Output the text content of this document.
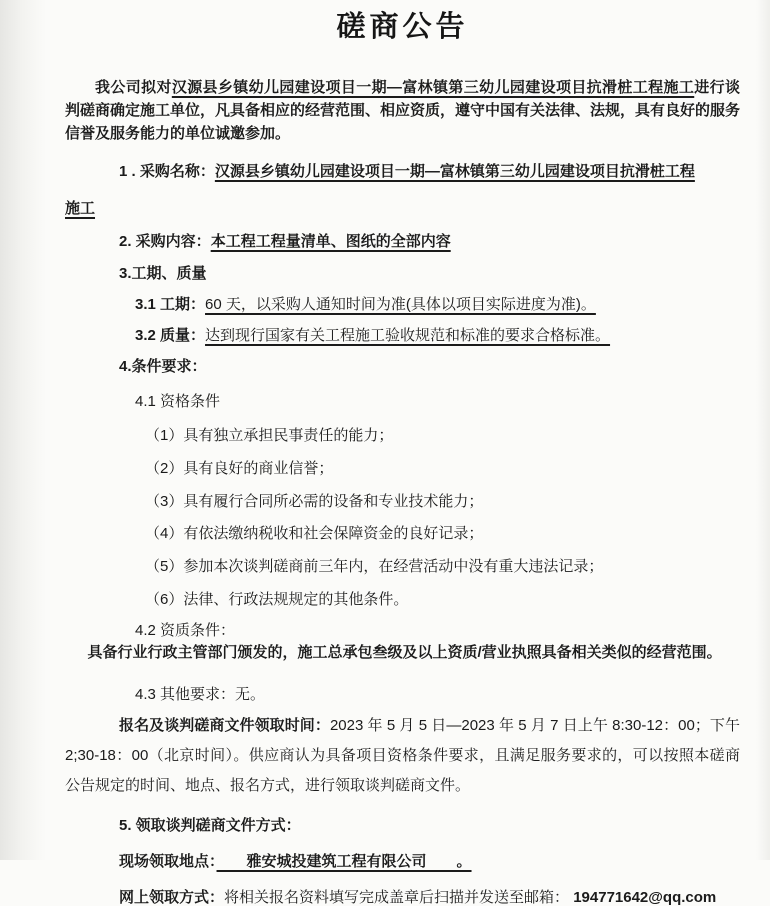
磋商公告

我公司拟对汉源县乡镇幼儿园建设项目一期—富林镇第三幼儿园建设项目抗滑桩工程施工进行谈判磋商确定施工单位，凡具备相应的经营范围、相应资质，遵守中国有关法律、法规，具有良好的服务信誉及服务能力的单位诚邀参加。

1 . 采购名称：汉源县乡镇幼儿园建设项目一期—富林镇第三幼儿园建设项目抗滑桩工程

施工

2. 采购内容：本工程工程量清单、图纸的全部内容

3.工期、质量

3.1 工期：60 天，以采购人通知时间为准(具体以项目实际进度为准)。

3.2 质量：达到现行国家有关工程施工验收规范和标准的要求合格标准。

4.条件要求：

4.1 资格条件

（1）具有独立承担民事责任的能力；

（2）具有良好的商业信誉；

（3）具有履行合同所必需的设备和专业技术能力；

（4）有依法缴纳税收和社会保障资金的良好记录；

（5）参加本次谈判磋商前三年内，在经营活动中没有重大违法记录；

（6）法律、行政法规规定的其他条件。

4.2 资质条件：

具备行业行政主管部门颁发的，施工总承包叁级及以上资质/营业执照具备相关类似的经营范围。

4.3 其他要求：无。

报名及谈判磋商文件领取时间：2023 年 5 月 5 日—2023 年 5 月 7 日上午 8:30-12：00；下午 2;30-18：00（北京时间）。供应商认为具备项目资格条件要求，且满足服务要求的，可以按照本磋商公告规定的时间、地点、报名方式，进行领取谈判磋商文件。

5. 领取谈判磋商文件方式：

现场领取地点：　　雅安城投建筑工程有限公司　　。

网上领取方式：将相关报名资料填写完成盖章后扫描并发送至邮箱： 194771642@qq.com
